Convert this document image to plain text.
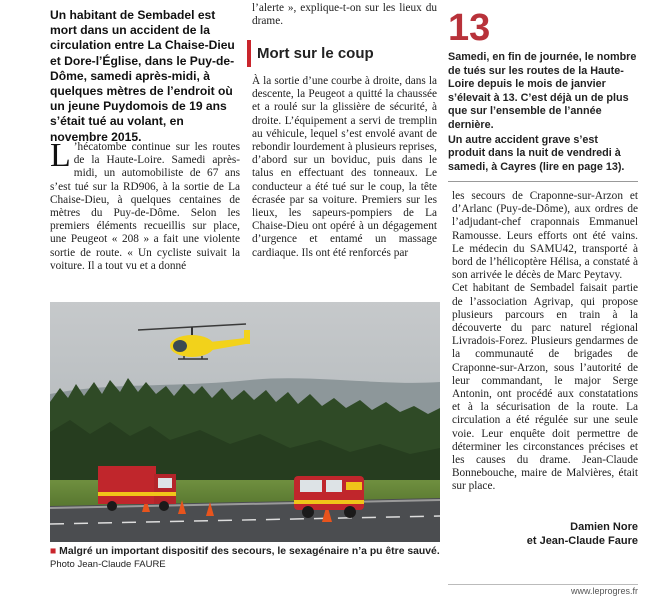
Un habitant de Sembadel est mort dans un accident de la circulation entre La Chaise-Dieu et Dore-l’Église, dans le Puy-de-Dôme, samedi après-midi, à quelques mètres de l’endroit où un jeune Puydomois de 19 ans s’était tué au volant, en novembre 2015.

L ’hécatombe continue sur les routes de la Haute-Loire. Samedi après-midi, un automobiliste de 67 ans s’est tué sur la RD906, à la sortie de La Chaise-Dieu, à quelques centaines de mètres du Puy-de-Dôme. Selon les premiers éléments recueillis sur place, une Peugeot « 208 » a fait une violente sortie de route. « Un cycliste suivait la voiture. Il a tout vu et a donné

l’alerte », explique-t-on sur les lieux du drame.

Mort sur le coup

À la sortie d’une courbe à droite, dans la descente, la Peugeot a quitté la chaussée et a roulé sur la glissière de sécurité, à droite. L’équipement a servi de tremplin au véhicule, lequel s’est envolé avant de rebondir lourdement à plusieurs reprises, d’abord sur un boviduc, puis dans le talus en effectuant des tonneaux. Le conducteur a été tué sur le coup, la tête écrasée par sa voiture. Premiers sur les lieux, les sapeurs-pompiers de La Chaise-Dieu ont opéré à un dégagement d’urgence et entamé un massage cardiaque. Ils ont été renforcés par

13

Samedi, en fin de journée, le nombre de tués sur les routes de la Haute-Loire depuis le mois de janvier s’élevait à 13. C’est déjà un de plus que sur l’ensemble de l’année dernière.

Un autre accident grave s’est produit dans la nuit de vendredi à samedi, à Cayres (lire en page 13).

les secours de Craponne-sur-Arzon et d’Arlanc (Puy-de-Dôme), aux ordres de l’adjudant-chef craponnais Emmanuel Ramousse. Leurs efforts ont été vains. Le médecin du SAMU42, transporté à bord de l’hélicoptère Hélisa, a constaté à son arrivée le décès de Marc Peytavy.

Cet habitant de Sembadel faisait partie de l’association Agrivap, qui propose plusieurs parcours en train à la découverte du parc naturel régional Livradois-Forez. Plusieurs gendarmes de la communauté de brigades de Craponne-sur-Arzon, sous l’autorité de leur commandant, le major Serge Antonin, ont procédé aux constatations et à la sécurisation de la route. La circulation a été régulée sur une seule voie. Leur enquête doit permettre de déterminer les circonstances précises et les causes du drame. Jean-Claude Bonnebouche, maire de Malvières, était sur place.

Damien Nore
et Jean-Claude Faure
■ Malgré un important dispositif des secours, le sexagénaire n’a pu être sauvé. Photo Jean-Claude FAURE
www.leprogres.fr
